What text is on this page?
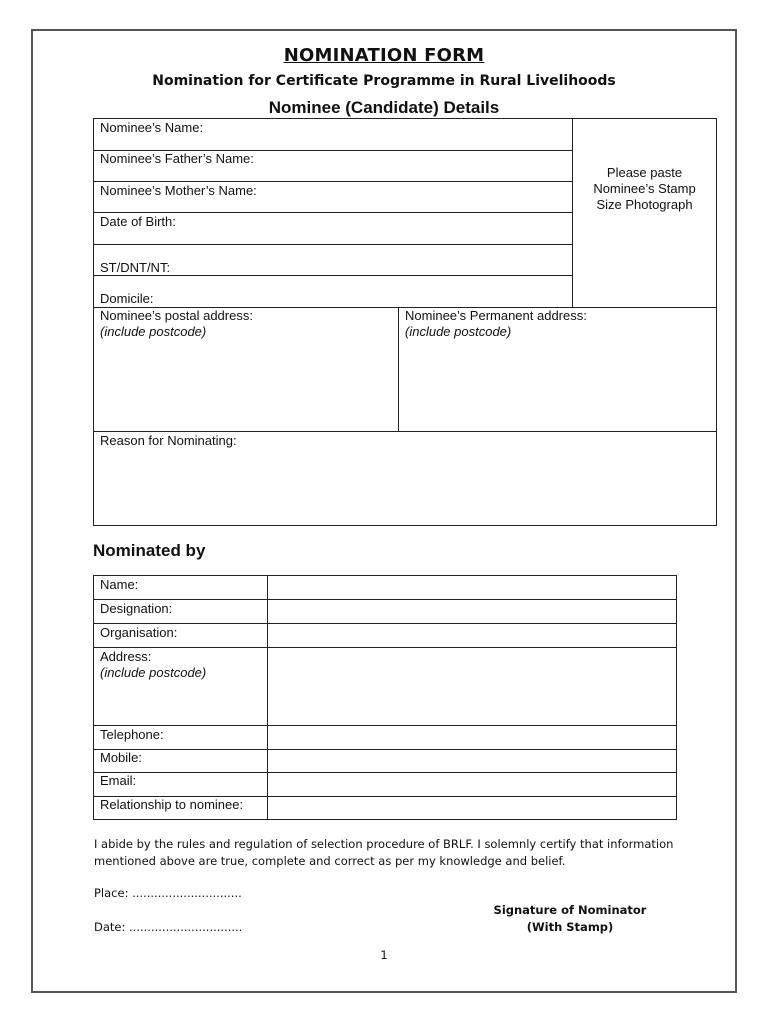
NOMINATION FORM
Nomination for Certificate Programme in Rural Livelihoods
Nominee (Candidate) Details
Nominee’s Name:
Nominee’s Father’s Name:
Nominee’s Mother’s Name:
Date of Birth:
ST/DNT/NT:
Domicile:
Please paste
Nominee’s Stamp
Size Photograph
Nominee’s postal address:
(include postcode)
Nominee’s Permanent address:
(include postcode)
Reason for Nominating:
Nominated by
Name:
Designation:
Organisation:
Address:
(include postcode)
Telephone:
Mobile:
Email:
Relationship to nominee:
I abide by the rules and regulation of selection procedure of BRLF. I solemnly certify that information mentioned above are true, complete and correct as per my knowledge and belief.
Place: ..............................
Date: ...............................
Signature of Nominator
(With Stamp)
1
